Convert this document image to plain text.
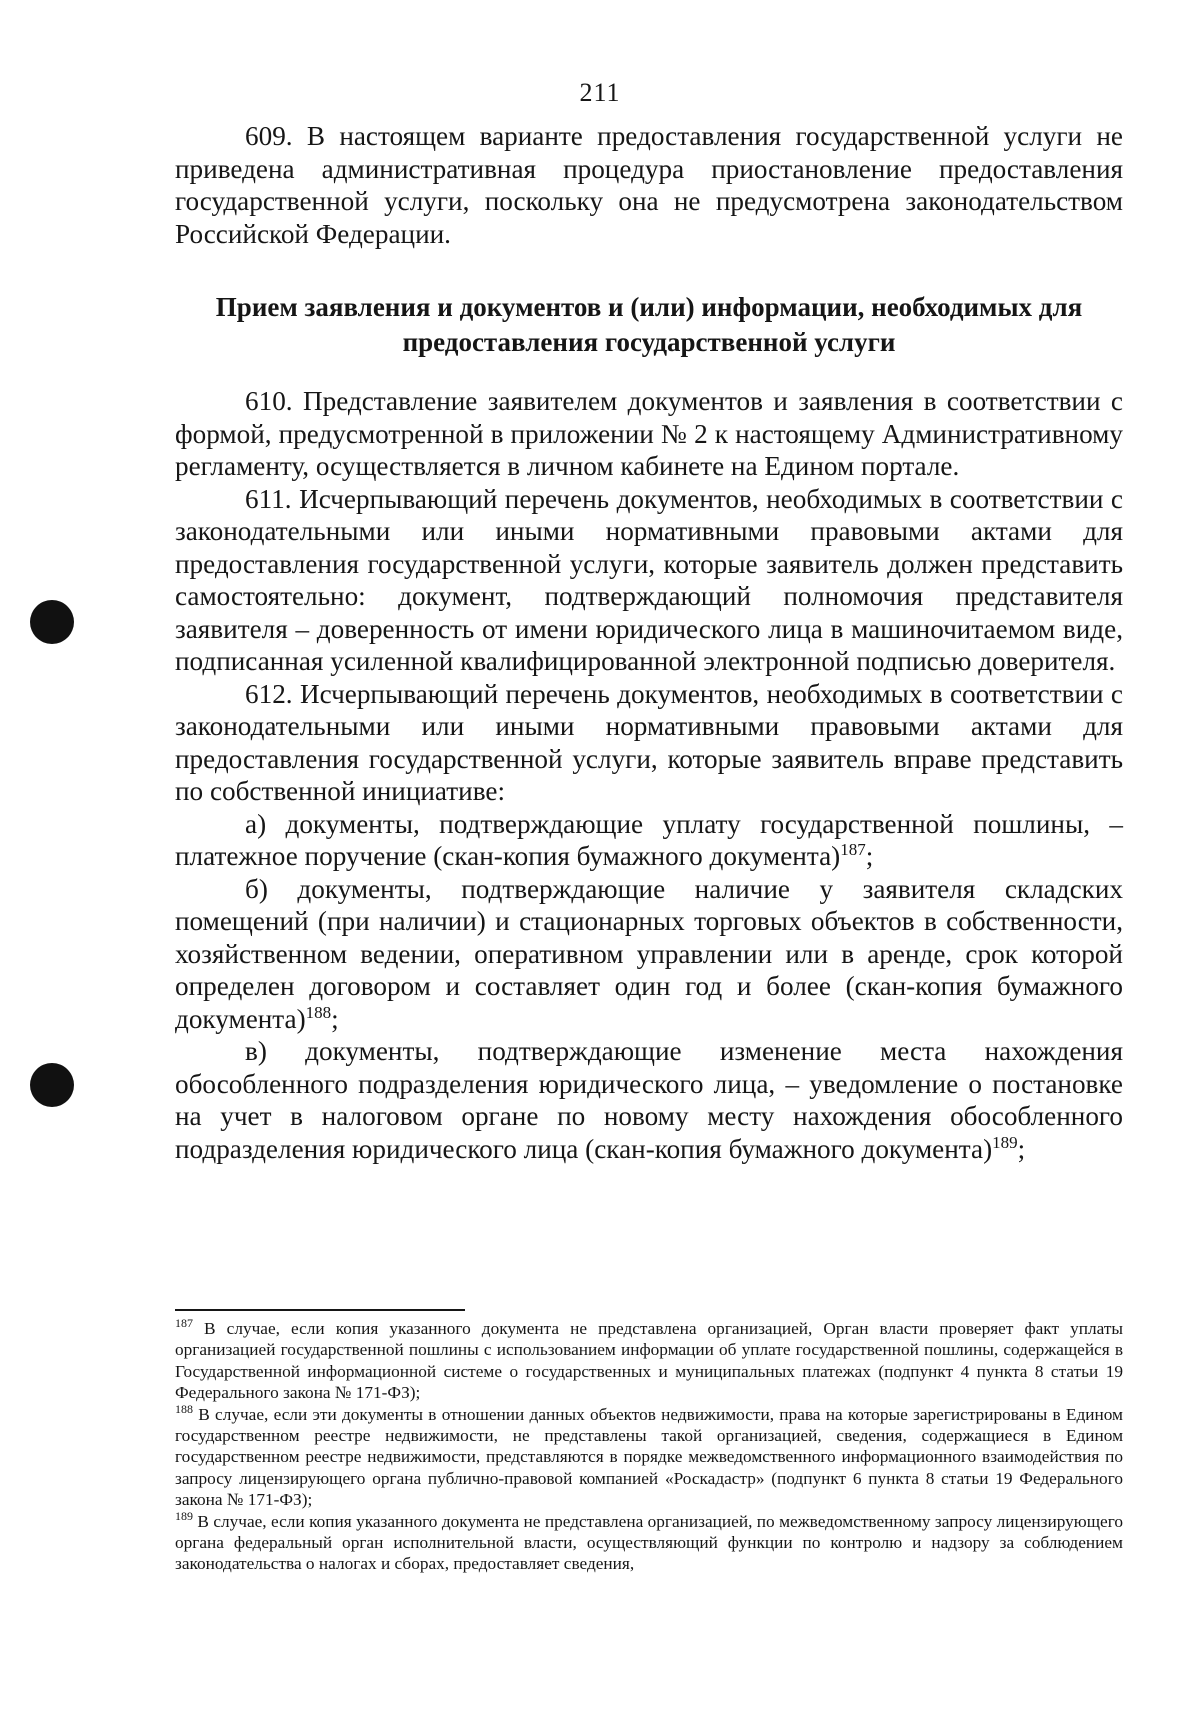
211

609. В настоящем варианте предоставления государственной услуги не приведена административная процедура приостановление предоставления государственной услуги, поскольку она не предусмотрена законодательством Российской Федерации.

Прием заявления и документов и (или) информации, необходимых для предоставления государственной услуги

610. Представление заявителем документов и заявления в соответствии с формой, предусмотренной в приложении № 2 к настоящему Административному регламенту, осуществляется в личном кабинете на Едином портале.

611. Исчерпывающий перечень документов, необходимых в соответствии с законодательными или иными нормативными правовыми актами для предоставления государственной услуги, которые заявитель должен представить самостоятельно: документ, подтверждающий полномочия представителя заявителя – доверенность от имени юридического лица в машиночитаемом виде, подписанная усиленной квалифицированной электронной подписью доверителя.

612. Исчерпывающий перечень документов, необходимых в соответствии с законодательными или иными нормативными правовыми актами для предоставления государственной услуги, которые заявитель вправе представить по собственной инициативе:

а) документы, подтверждающие уплату государственной пошлины, – платежное поручение (скан-копия бумажного документа)$^{187}$;

б) документы, подтверждающие наличие у заявителя складских помещений (при наличии) и стационарных торговых объектов в собственности, хозяйственном ведении, оперативном управлении или в аренде, срок которой определен договором и составляет один год и более (скан-копия бумажного документа)$^{188}$;

в) документы, подтверждающие изменение места нахождения обособленного подразделения юридического лица, – уведомление о постановке на учет в налоговом органе по новому месту нахождения обособленного подразделения юридического лица (скан-копия бумажного документа)$^{189}$;

$^{187}$ В случае, если копия указанного документа не представлена организацией, Орган власти проверяет факт уплаты организацией государственной пошлины с использованием информации об уплате государственной пошлины, содержащейся в Государственной информационной системе о государственных и муниципальных платежах (подпункт 4 пункта 8 статьи 19 Федерального закона № 171-ФЗ);

$^{188}$ В случае, если эти документы в отношении данных объектов недвижимости, права на которые зарегистрированы в Едином государственном реестре недвижимости, не представлены такой организацией, сведения, содержащиеся в Едином государственном реестре недвижимости, представляются в порядке межведомственного информационного взаимодействия по запросу лицензирующего органа публично-правовой компанией «Роскадастр» (подпункт 6 пункта 8 статьи 19 Федерального закона № 171-ФЗ);

$^{189}$ В случае, если копия указанного документа не представлена организацией, по межведомственному запросу лицензирующего органа федеральный орган исполнительной власти, осуществляющий функции по контролю и надзору за соблюдением законодательства о налогах и сборах, предоставляет сведения,
